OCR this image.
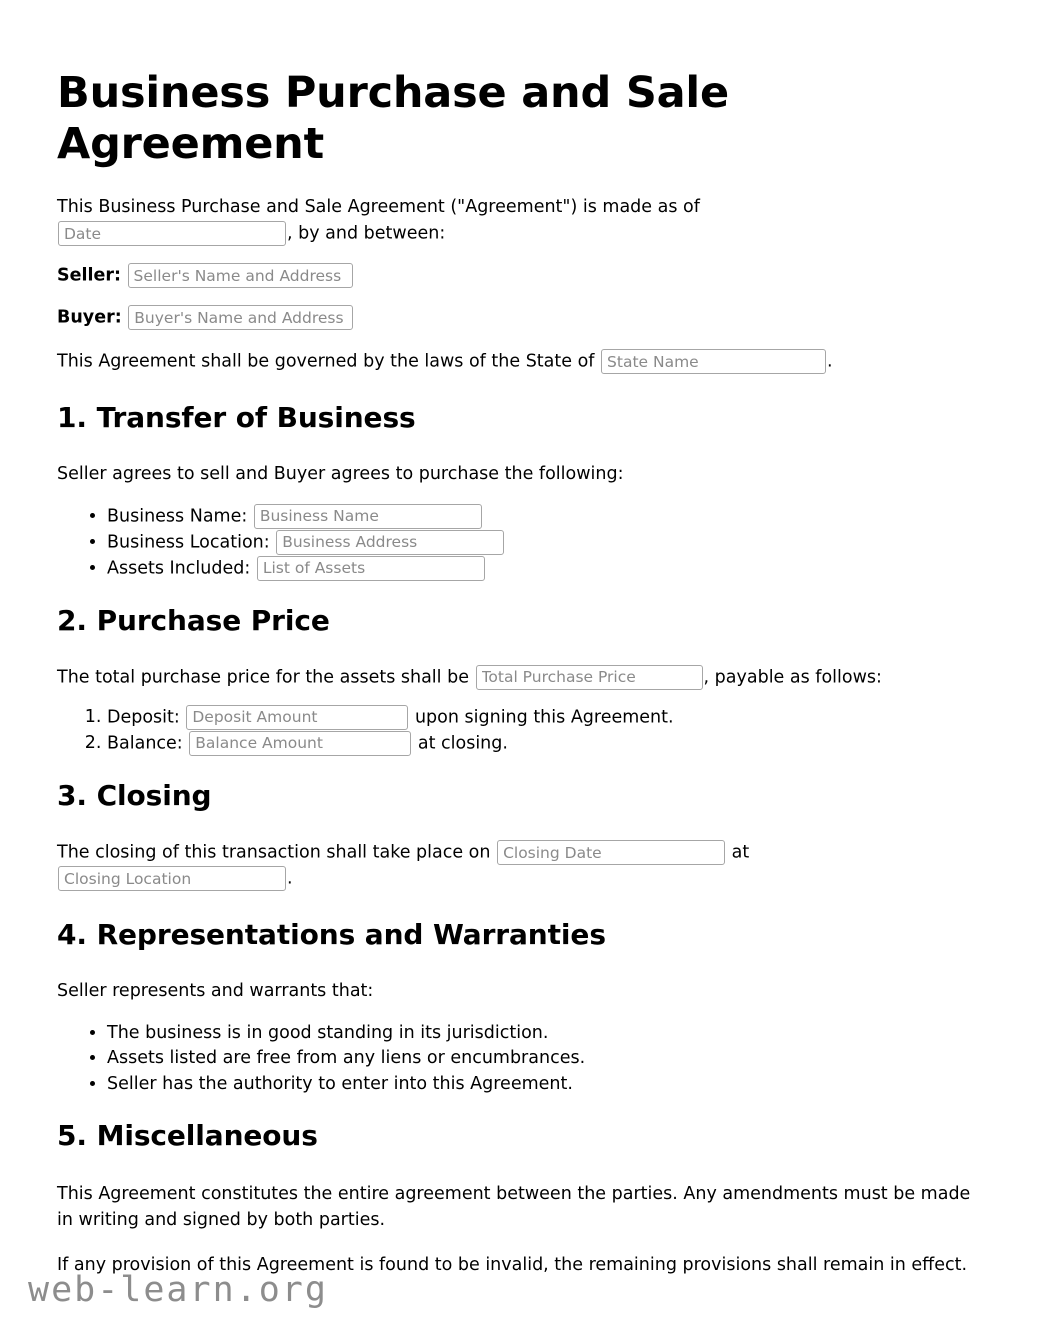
Business Purchase and Sale Agreement

This Business Purchase and Sale Agreement ("Agreement") is made as of
Date, by and between:

Seller: Seller's Name and Address

Buyer: Buyer's Name and Address

This Agreement shall be governed by the laws of the State of State Name	.

1. Transfer of Business

Seller agrees to sell and Buyer agrees to purchase the following:

• Business Name: Business Name
• Business Location: Business Address
• Assets Included: List of Assets
2. Purchase Price

The total purchase price for the assets shall be Total Purchase Price	, payable as follows:

1. Deposit: Deposit Amount	upon signing this Agreement.
2. Balance: Balance Amount	at closing.
3. Closing

The closing of this transaction shall take place on Closing Date	at Closing Location.

4. Representations and Warranties

Seller represents and warrants that:

• The business is in good standing in its jurisdiction.
• Assets listed are free from any liens or encumbrances.
• Seller has the authority to enter into this Agreement.
5. Miscellaneous

This Agreement constitutes the entire agreement between the parties. Any amendments must be made in writing and signed by both parties.

If any provision of this Agreement is found to be invalid, the remaining provisions shall remain in effect.

web-learn.org
